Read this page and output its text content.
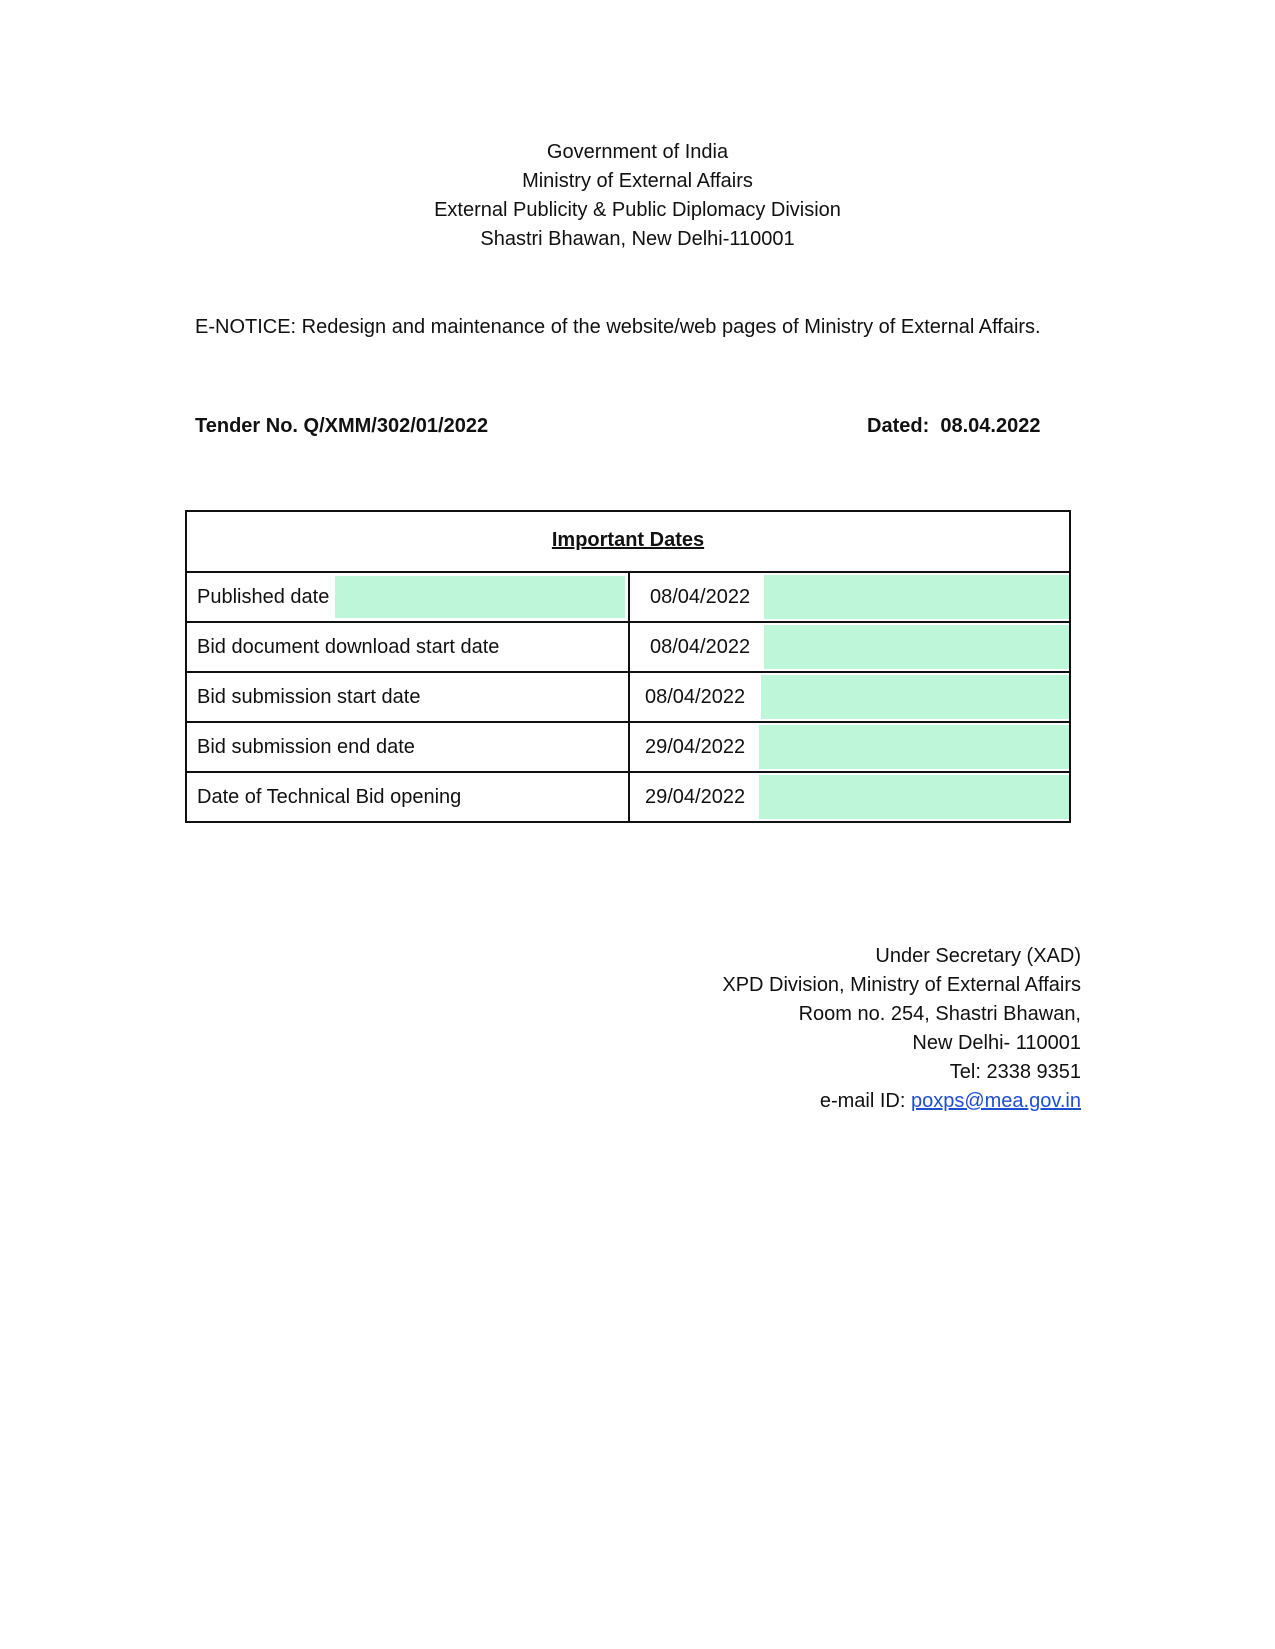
Government of India
Ministry of External Affairs
External Publicity & Public Diplomacy Division
Shastri Bhawan, New Delhi-110001
E-NOTICE: Redesign and maintenance of the website/web pages of Ministry of External Affairs.
Tender No. Q/XMM/302/01/2022	Dated:  08.04.2022
Important Dates
Published date	08/04/2022
Bid document download start date	08/04/2022
Bid submission start date	08/04/2022
Bid submission end date	29/04/2022
Date of Technical Bid opening	29/04/2022
Under Secretary (XAD)
XPD Division, Ministry of External Affairs
Room no. 254, Shastri Bhawan,
New Delhi- 110001
Tel: 2338 9351
e-mail ID: poxps@mea.gov.in
